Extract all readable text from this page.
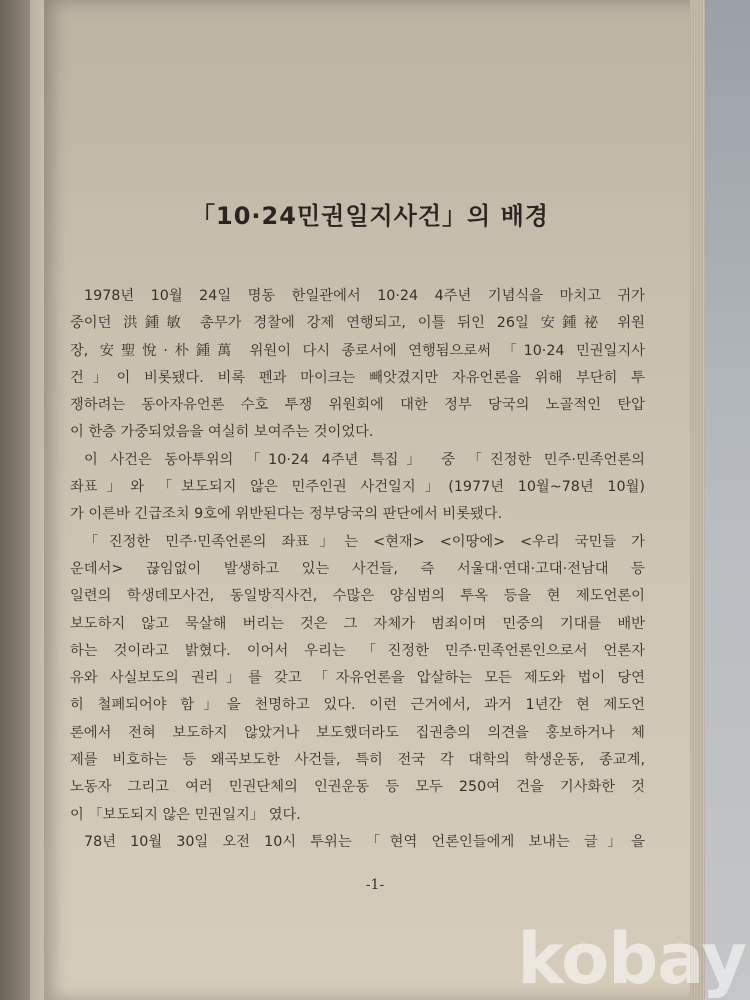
「10·24민권일지사건」의 배경
1978년 10월 24일 명동 한일관에서 10·24 4주년 기념식을 마치고 귀가
중이던 洪鍾敏 총무가 경찰에 강제 연행되고, 이틀 뒤인 26일 安鍾祕 위원
장, 安聖悅·朴鍾萬 위원이 다시 종로서에 연행됨으로써 「10·24 민권일지사
건」이 비롯됐다. 비록 펜과 마이크는 빼앗겼지만 자유언론을 위해 부단히 투
쟁하려는 동아자유언론 수호 투쟁 위원회에 대한 정부 당국의 노골적인 탄압
이 한층 가중되었음을 여실히 보여주는 것이었다.
이 사건은 동아투위의 「10·24 4주년 특집」 중 「진정한 민주·민족언론의
좌표」와 「보도되지 않은 민주인권 사건일지」(1977년 10월~78년 10월)
가 이른바 긴급조치 9호에 위반된다는 정부당국의 판단에서 비롯됐다.
「진정한 민주·민족언론의 좌표」는 <현재> <이땅에> <우리 국민들 가
운데서> 끊임없이 발생하고 있는 사건들, 즉 서울대·연대·고대·전남대 등
일련의 학생데모사건, 동일방직사건, 수많은 양심범의 투옥 등을 현 제도언론이
보도하지 않고 묵살해 버리는 것은 그 자체가 범죄이며 민중의 기대를 배반
하는 것이라고 밝혔다. 이어서 우리는 「진정한 민주·민족언론인으로서 언론자
유와 사실보도의 권리」를 갖고 「자유언론을 압살하는 모든 제도와 법이 당연
히 철폐되어야 함」을 천명하고 있다. 이런 근거에서, 과거 1년간 현 제도언
론에서 전혀 보도하지 않았거나 보도했더라도 집권층의 의견을 홍보하거나 체
제를 비호하는 등 왜곡보도한 사건들, 특히 전국 각 대학의 학생운동, 종교계,
노동자 그리고 여러 민권단체의 인권운동 등 모두 250여 건을 기사화한 것
이 「보도되지 않은 민권일지」 였다.
78년 10월 30일 오전 10시 투위는 「현역 언론인들에게 보내는 글」을
-1-
kobay
